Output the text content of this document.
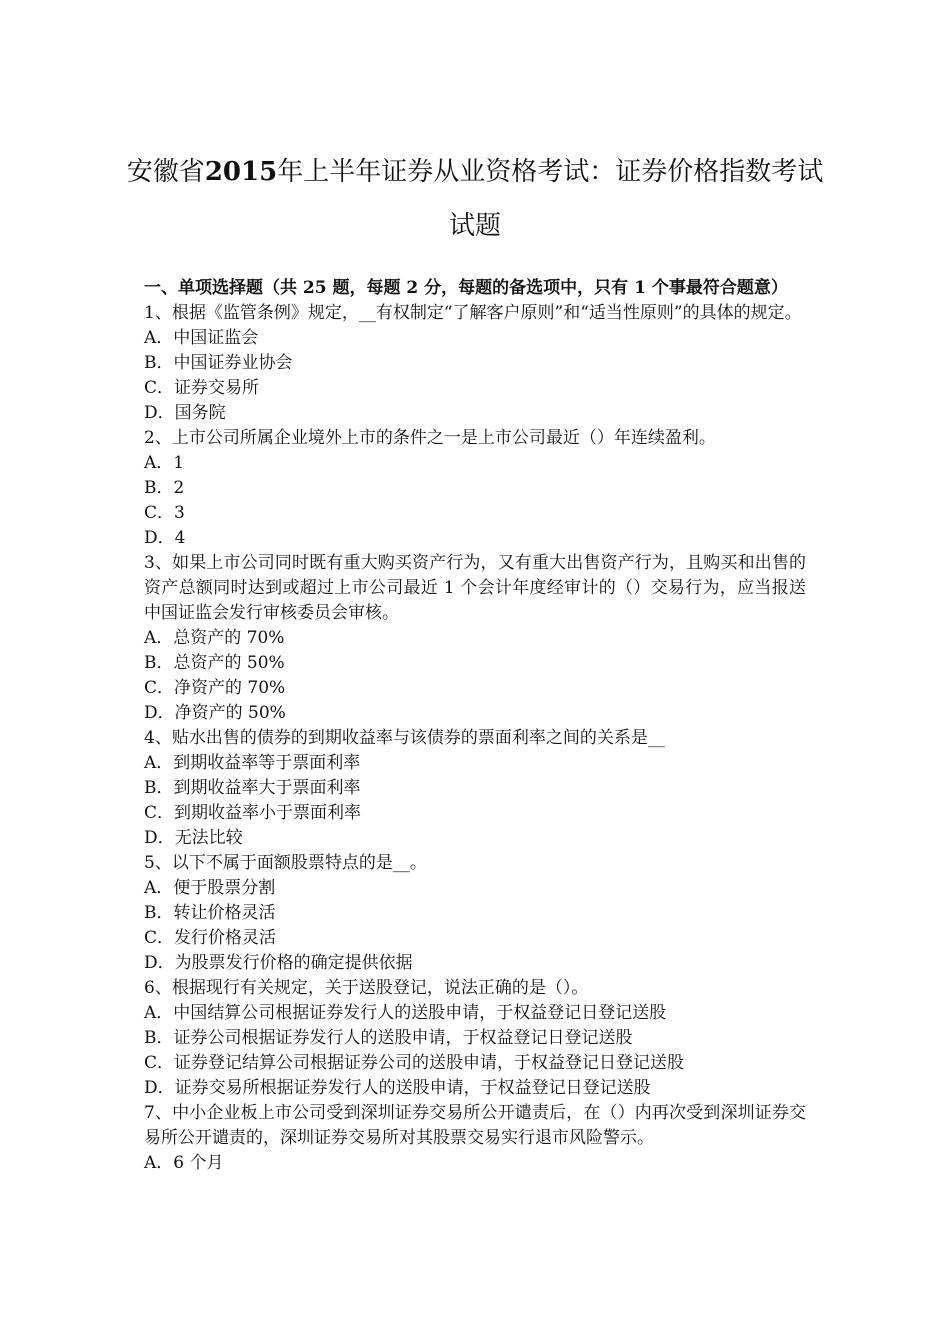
安徽省2015年上半年证券从业资格考试：证券价格指数考试试题
一、单项选择题（共 25 题，每题 2 分，每题的备选项中，只有 1 个事最符合题意）
1、根据《监管条例》规定，__有权制定“了解客户原则”和“适当性原则”的具体的规定。
A．中国证监会
B．中国证券业协会
C．证券交易所
D．国务院
2、上市公司所属企业境外上市的条件之一是上市公司最近（）年连续盈利。
A．1
B．2
C．3
D．4
3、如果上市公司同时既有重大购买资产行为，又有重大出售资产行为，且购买和出售的资产总额同时达到或超过上市公司最近 1 个会计年度经审计的（）交易行为，应当报送中国证监会发行审核委员会审核。
A．总资产的 70%
B．总资产的 50%
C．净资产的 70%
D．净资产的 50%
4、贴水出售的债券的到期收益率与该债券的票面利率之间的关系是__
A．到期收益率等于票面利率
B．到期收益率大于票面利率
C．到期收益率小于票面利率
D．无法比较
5、以下不属于面额股票特点的是__。
A．便于股票分割
B．转让价格灵活
C．发行价格灵活
D．为股票发行价格的确定提供依据
6、根据现行有关规定，关于送股登记，说法正确的是（）。
A．中国结算公司根据证券发行人的送股申请，于权益登记日登记送股
B．证券公司根据证券发行人的送股申请，于权益登记日登记送股
C．证券登记结算公司根据证券公司的送股申请，于权益登记日登记送股
D．证券交易所根据证券发行人的送股申请，于权益登记日登记送股
7、中小企业板上市公司受到深圳证券交易所公开谴责后，在（）内再次受到深圳证券交易所公开谴责的，深圳证券交易所对其股票交易实行退市风险警示。
A．6 个月
